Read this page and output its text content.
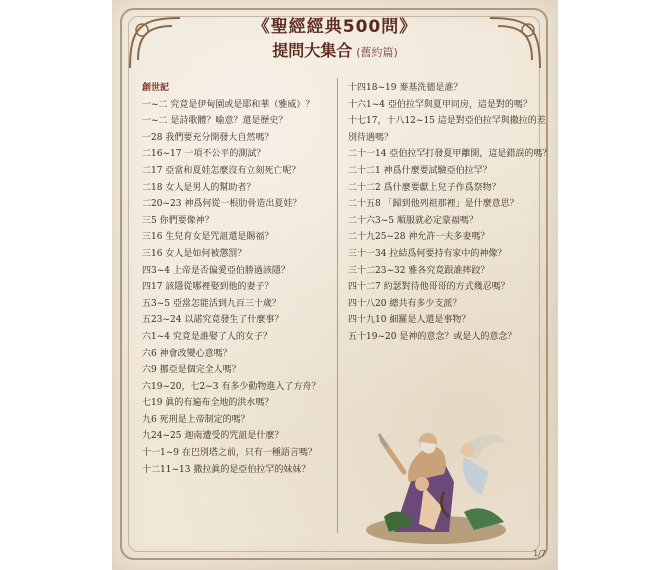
《聖經經典500問》
提問大集合 (舊約篇)
創世記
一~二 究竟是伊甸園或是耶和華（雅威）？
一~二 是詩歌體？喻意？還是歷史？
一28 我們要充分開發大自然嗎？
二16~17 一項不公平的測試？
二17 亞當和夏娃怎麼沒有立刻死亡呢？
二18 女人是男人的幫助者？
二20~23 神爲何從一根肋骨造出夏娃？
三5 你們要像神？
三16 生兒育女是咒詛還是賜福？
三16 女人是如何被懲罰？
四3~4 上帝是否偏愛亞伯勝過該隱？
四17 該隱從哪裡娶到他的妻子？
五3~5 亞當怎能活到九百三十歲？
五23~24 以諾究竟發生了什麼事？
六1~4 究竟是誰娶了人的女子？
六6 神會改變心意嗎？
六9 挪亞是個完全人嗎？
六19~20，七2~3 有多少動物進入了方舟？
七19 眞的有遍布全地的洪水嗎？
九6 死刑是上帝制定的嗎？
九24~25 迦南遭受的咒詛是什麼？
十一1~9 在巴別塔之前，只有一種語言嗎？
十二11~13 撒拉眞的是亞伯拉罕的妹妹？
十四18~19 麥基洗德是誰？
十六1~4 亞伯拉罕與夏甲同房，這是對的嗎？
十七17，十八12~15 這是對亞伯拉罕與撒拉的差別待遇嗎？
二十一14 亞伯拉罕打發夏甲離開，這是錯誤的嗎？
二十二1 神爲什麼要試驗亞伯拉罕？
二十二2 爲什麼要獻上兒子作爲祭物？
二十五8 「歸到他列祖那裡」是什麼意思？
二十六3~5 順服就必定蒙福嗎？
二十九25~28 神允許一夫多妻嗎？
三十一34 拉結爲何要持有家中的神像？
三十二23~32 雅各究竟跟誰摔跤？
四十二7 約瑟對待他哥哥的方式幾忍嗎？
四十八20 總共有多少支派？
四十九10 細羅是人還是事物？
五十19~20 是神的意念？或是人的意念？
1/7
